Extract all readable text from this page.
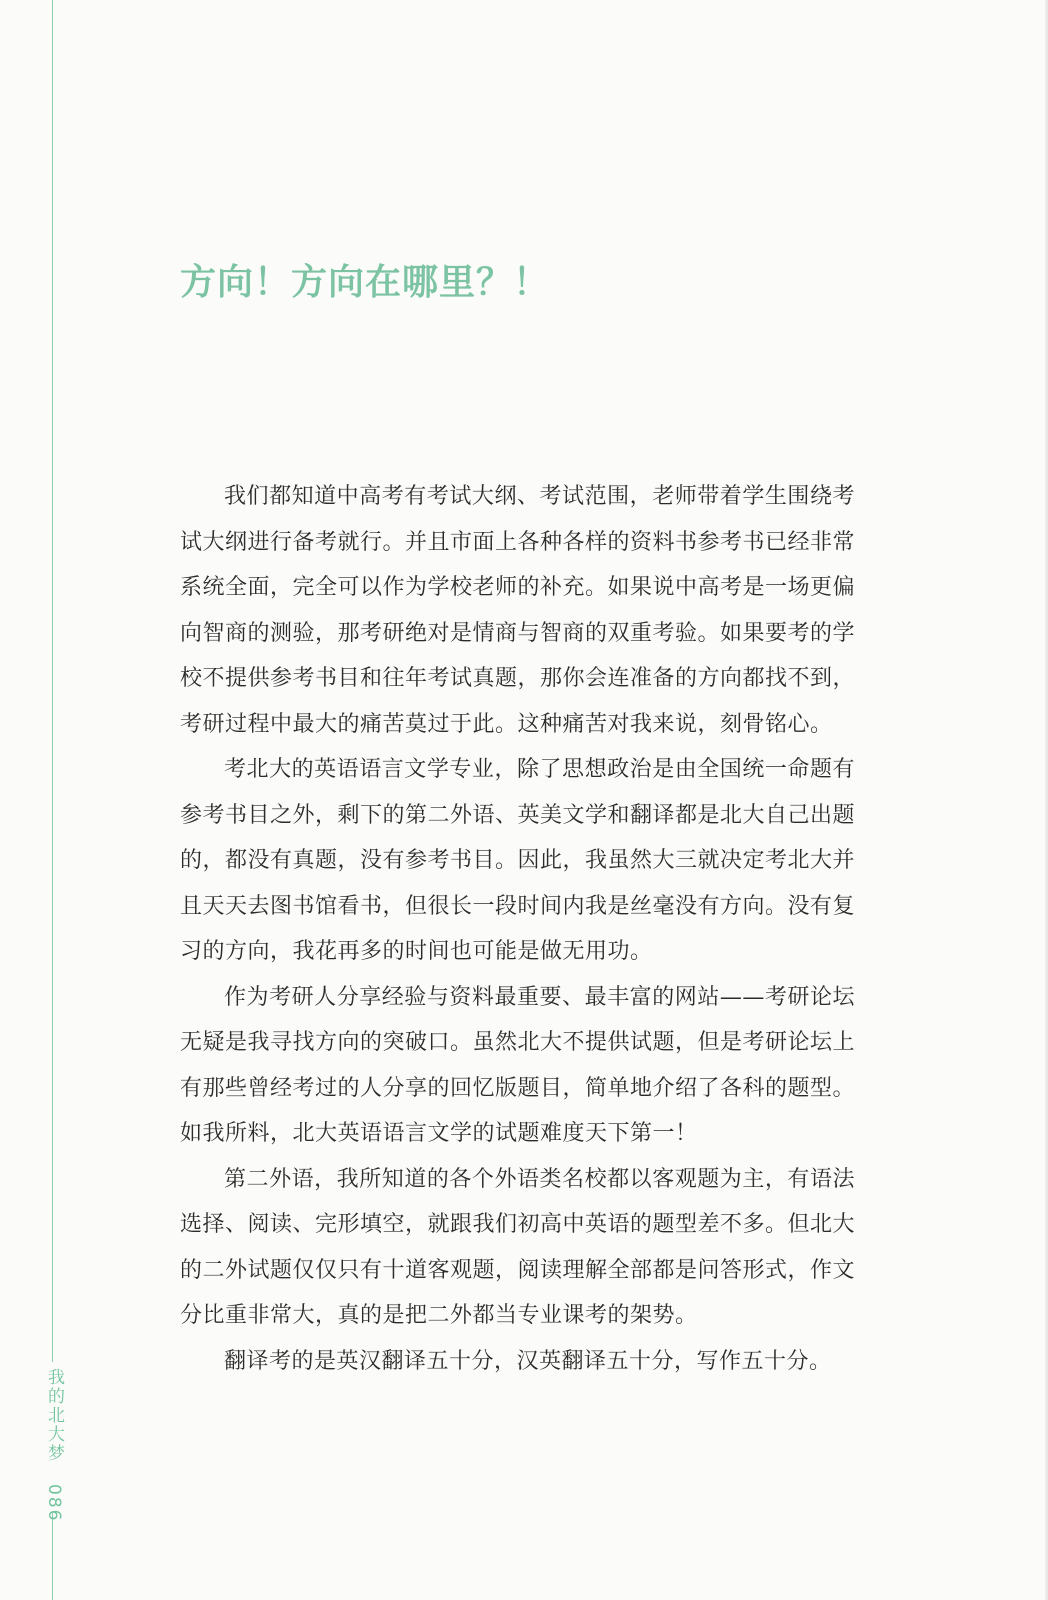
方向！方向在哪里？！

我们都知道中高考有考试大纲、考试范围，老师带着学生围绕考试大纲进行备考就行。并且市面上各种各样的资料书参考书已经非常系统全面，完全可以作为学校老师的补充。如果说中高考是一场更偏向智商的测验，那考研绝对是情商与智商的双重考验。如果要考的学校不提供参考书目和往年考试真题，那你会连准备的方向都找不到，考研过程中最大的痛苦莫过于此。这种痛苦对我来说，刻骨铭心。

考北大的英语语言文学专业，除了思想政治是由全国统一命题有参考书目之外，剩下的第二外语、英美文学和翻译都是北大自己出题的，都没有真题，没有参考书目。因此，我虽然大三就决定考北大并且天天去图书馆看书，但很长一段时间内我是丝毫没有方向。没有复习的方向，我花再多的时间也可能是做无用功。

作为考研人分享经验与资料最重要、最丰富的网站——考研论坛无疑是我寻找方向的突破口。虽然北大不提供试题，但是考研论坛上有那些曾经考过的人分享的回忆版题目，简单地介绍了各科的题型。如我所料，北大英语语言文学的试题难度天下第一！

第二外语，我所知道的各个外语类名校都以客观题为主，有语法选择、阅读、完形填空，就跟我们初高中英语的题型差不多。但北大的二外试题仅仅只有十道客观题，阅读理解全部都是问答形式，作文分比重非常大，真的是把二外都当专业课考的架势。

翻译考的是英汉翻译五十分，汉英翻译五十分，写作五十分。

我的北大梦 086
